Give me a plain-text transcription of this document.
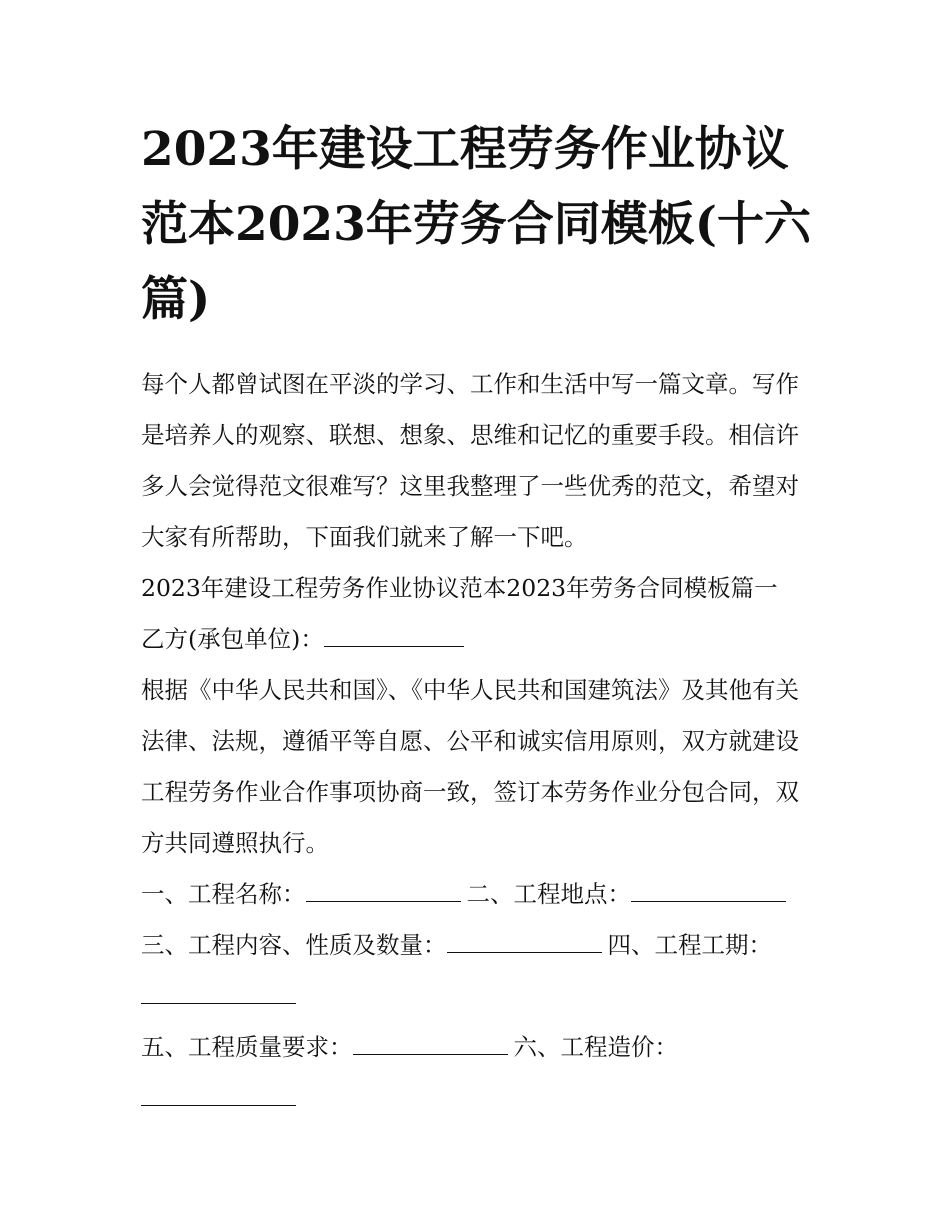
2023年建设工程劳务作业协议范本2023年劳务合同模板(十六篇)

每个人都曾试图在平淡的学习、工作和生活中写一篇文章。写作是培养人的观察、联想、想象、思维和记忆的重要手段。相信许多人会觉得范文很难写？这里我整理了一些优秀的范文，希望对大家有所帮助，下面我们就来了解一下吧。

2023年建设工程劳务作业协议范本2023年劳务合同模板篇一

乙方(承包单位)：

根据《中华人民共和国》、《中华人民共和国建筑法》及其他有关法律、法规，遵循平等自愿、公平和诚实信用原则，双方就建设工程劳务作业合作事项协商一致，签订本劳务作业分包合同，双方共同遵照执行。

一、工程名称：	二、工程地点：

三、工程内容、性质及数量：	四、工程工期：

五、工程质量要求：	六、工程造价：
